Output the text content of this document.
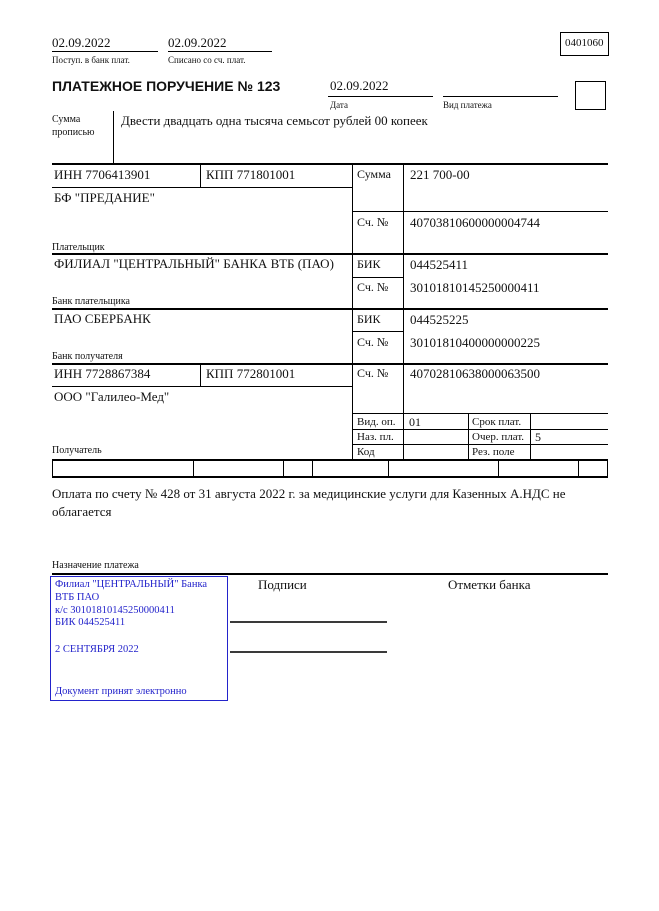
02.09.2022
Поступ. в банк плат.
02.09.2022
Списано со сч. плат.
0401060
ПЛАТЕЖНОЕ ПОРУЧЕНИЕ № 123	02.09.2022
Дата	Вид платежа
Сумма прописью
Двести двадцать одна тысяча семьсот рублей 00 копеек
ИНН 7706413901	КПП 771801001	Сумма 221 700-00
БФ "ПРЕДАНИЕ"
Сч. № 40703810600000004744
Плательщик
ФИЛИАЛ "ЦЕНТРАЛЬНЫЙ" БАНКА ВТБ (ПАО) БИК 044525411
Сч. № 30101810145250000411
Банк плательщика
ПАО СБЕРБАНК	БИК 044525225
Сч. № 30101810400000000225
Банк получателя
ИНН 7728867384	КПП 772801001	Сч. № 40702810638000063500
ООО "Галилео-Мед"
Получатель
Вид. оп. 01	Срок плат.
Наз. пл.	Очер. плат. 5
Код	Рез. поле
Оплата по счету № 428 от 31 августа 2022 г. за медицинские услуги для Казенных А.НДС не облагается
Назначение платежа
Филиал "ЦЕНТРАЛЬНЫЙ" Банка
ВТБ ПАО
к/с 30101810145250000411
БИК 044525411
2 СЕНТЯБРЯ 2022
Документ принят электронно
Подписи	Отметки банка
